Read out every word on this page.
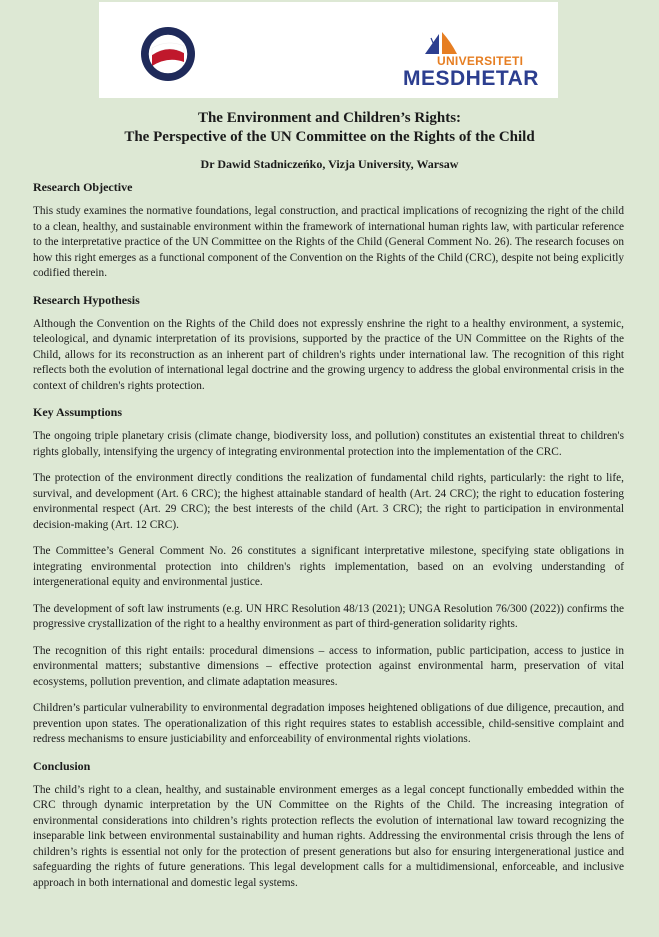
UNIVERSITETI
MESDHETAR
The Environment and Children’s Rights:
The Perspective of the UN Committee on the Rights of the Child
Dr Dawid Stadniczeńko, Vizja University, Warsaw
Research Objective

This study examines the normative foundations, legal construction, and practical implications of recognizing the right of the child to a clean, healthy, and sustainable environment within the framework of international human rights law, with particular reference to the interpretative practice of the UN Committee on the Rights of the Child (General Comment No. 26). The research focuses on how this right emerges as a functional component of the Convention on the Rights of the Child (CRC), despite not being explicitly codified therein.

Research Hypothesis

Although the Convention on the Rights of the Child does not expressly enshrine the right to a healthy environment, a systemic, teleological, and dynamic interpretation of its provisions, supported by the practice of the UN Committee on the Rights of the Child, allows for its reconstruction as an inherent part of children's rights under international law. The recognition of this right reflects both the evolution of international legal doctrine and the growing urgency to address the global environmental crisis in the context of children's rights protection.

Key Assumptions

The ongoing triple planetary crisis (climate change, biodiversity loss, and pollution) constitutes an existential threat to children's rights globally, intensifying the urgency of integrating environmental protection into the implementation of the CRC.

The protection of the environment directly conditions the realization of fundamental child rights, particularly: the right to life, survival, and development (Art. 6 CRC); the highest attainable standard of health (Art. 24 CRC); the right to education fostering environmental respect (Art. 29 CRC); the best interests of the child (Art. 3 CRC); the right to participation in environmental decision-making (Art. 12 CRC).

The Committee’s General Comment No. 26 constitutes a significant interpretative milestone, specifying state obligations in integrating environmental protection into children's rights implementation, based on an evolving understanding of intergenerational equity and environmental justice.

The development of soft law instruments (e.g. UN HRC Resolution 48/13 (2021); UNGA Resolution 76/300 (2022)) confirms the progressive crystallization of the right to a healthy environment as part of third-generation solidarity rights.

The recognition of this right entails: procedural dimensions – access to information, public participation, access to justice in environmental matters; substantive dimensions – effective protection against environmental harm, preservation of vital ecosystems, pollution prevention, and climate adaptation measures.

Children’s particular vulnerability to environmental degradation imposes heightened obligations of due diligence, precaution, and prevention upon states. The operationalization of this right requires states to establish accessible, child-sensitive complaint and redress mechanisms to ensure justiciability and enforceability of environmental rights violations.

Conclusion

The child’s right to a clean, healthy, and sustainable environment emerges as a legal concept functionally embedded within the CRC through dynamic interpretation by the UN Committee on the Rights of the Child. The increasing integration of environmental considerations into children’s rights protection reflects the evolution of international law toward recognizing the inseparable link between environmental sustainability and human rights. Addressing the environmental crisis through the lens of children’s rights is essential not only for the protection of present generations but also for ensuring intergenerational justice and safeguarding the rights of future generations. This legal development calls for a multidimensional, enforceable, and inclusive approach in both international and domestic legal systems.
